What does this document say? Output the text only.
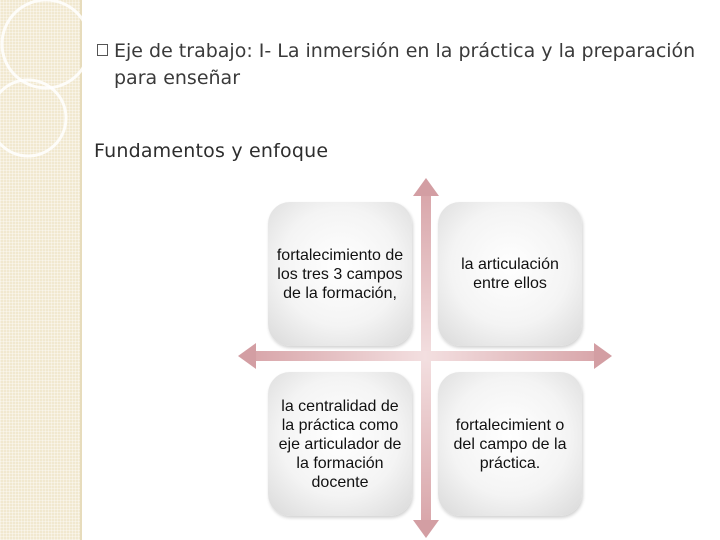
Eje de trabajo: I- La inmersión en la práctica y la preparación para enseñar
Fundamentos y enfoque
fortalecimiento de los tres 3 campos de la formación,
la articulación entre ellos
la centralidad de la práctica como eje articulador de la formación docente
fortalecimient o del campo de la práctica.
